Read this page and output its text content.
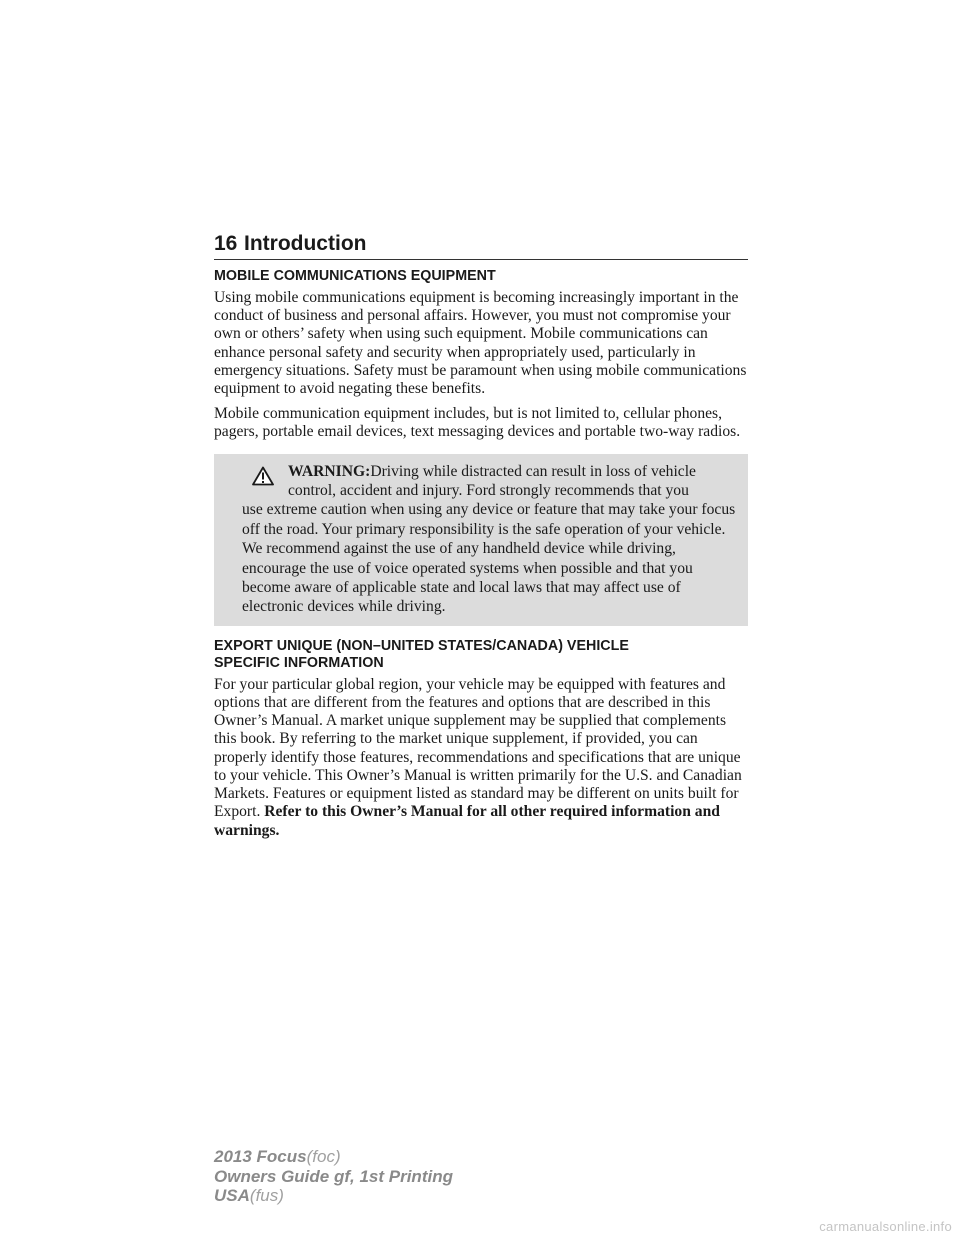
16 Introduction
MOBILE COMMUNICATIONS EQUIPMENT

Using mobile communications equipment is becoming increasingly important in the conduct of business and personal affairs. However, you must not compromise your own or others’ safety when using such equipment. Mobile communications can enhance personal safety and security when appropriately used, particularly in emergency situations. Safety must be paramount when using mobile communications equipment to avoid negating these benefits.

Mobile communication equipment includes, but is not limited to, cellular phones, pagers, portable email devices, text messaging devices and portable two-way radios.

WARNING:Driving while distracted can result in loss of vehicle control, accident and injury. Ford strongly recommends that you
use extreme caution when using any device or feature that may take your focus off the road. Your primary responsibility is the safe operation of your vehicle. We recommend against the use of any handheld device while driving, encourage the use of voice operated systems when possible and that you become aware of applicable state and local laws that may affect use of electronic devices while driving.
EXPORT UNIQUE (NON–UNITED STATES/CANADA) VEHICLE
SPECIFIC INFORMATION

For your particular global region, your vehicle may be equipped with features and options that are different from the features and options that are described in this Owner’s Manual. A market unique supplement may be supplied that complements this book. By referring to the market unique supplement, if provided, you can properly identify those features, recommendations and specifications that are unique to your vehicle. This Owner’s Manual is written primarily for the U.S. and Canadian Markets. Features or equipment listed as standard may be different on units built for Export. Refer to this Owner’s Manual for all other required information and warnings.

2013 Focus(foc)
Owners Guide gf, 1st Printing
USA(fus)
carmanualsonline.info
